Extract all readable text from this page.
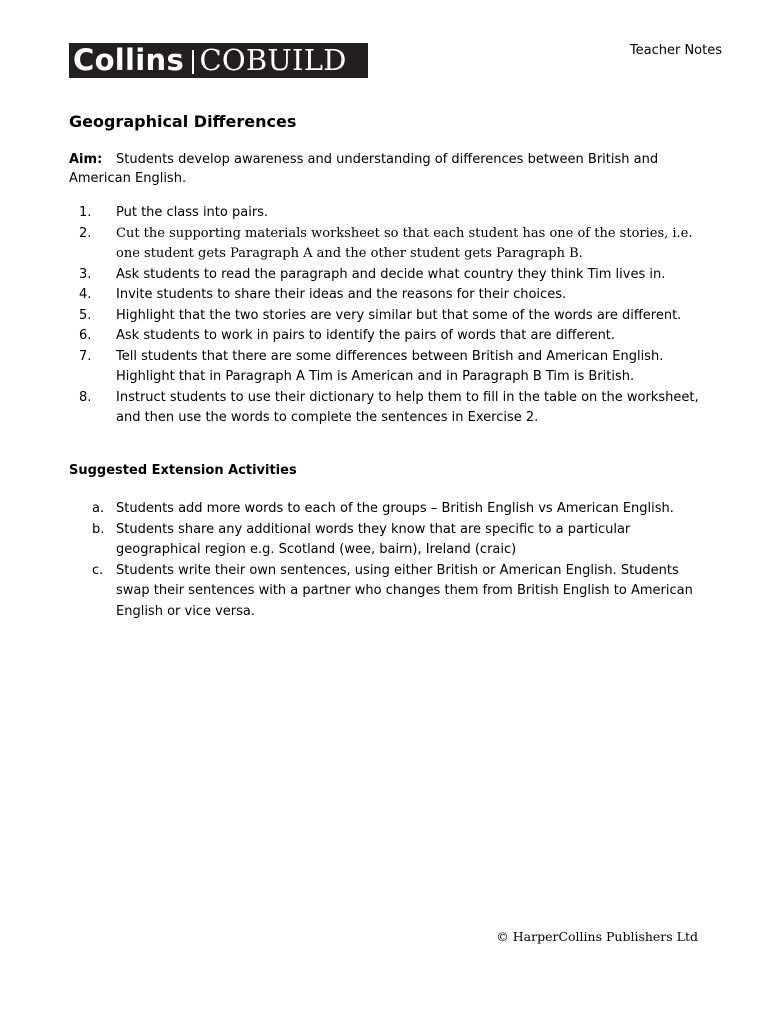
Collins COBUILD	Teacher Notes
Geographical Differences
Aim: Students develop awareness and understanding of differences between British and American English.
1.	Put the class into pairs.
2.	Cut the supporting materials worksheet so that each student has one of the stories, i.e. one student gets Paragraph A and the other student gets Paragraph B.
3.	Ask students to read the paragraph and decide what country they think Tim lives in.
4.	Invite students to share their ideas and the reasons for their choices.
5.	Highlight that the two stories are very similar but that some of the words are different.
6.	Ask students to work in pairs to identify the pairs of words that are different.
7.	Tell students that there are some differences between British and American English. Highlight that in Paragraph A Tim is American and in Paragraph B Tim is British.
8.	Instruct students to use their dictionary to help them to fill in the table on the worksheet, and then use the words to complete the sentences in Exercise 2.
Suggested Extension Activities
a. Students add more words to each of the groups – British English vs American English.
b. Students share any additional words they know that are specific to a particular geographical region e.g. Scotland (wee, bairn), Ireland (craic)
c. Students write their own sentences, using either British or American English. Students swap their sentences with a partner who changes them from British English to American English or vice versa.
© HarperCollins Publishers Ltd
